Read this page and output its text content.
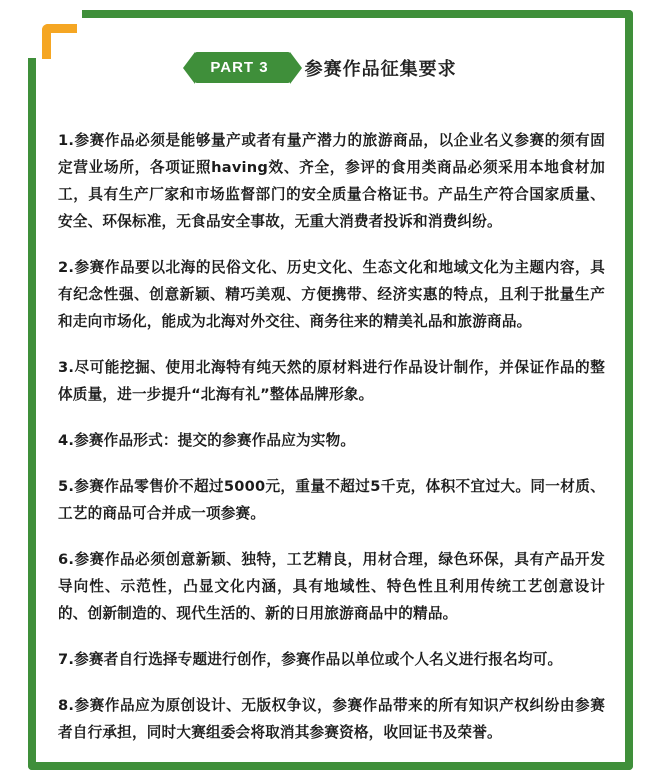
PART 3	参赛作品征集要求

1.参赛作品必须是能够量产或者有量产潜力的旅游商品，以企业名义参赛的须有固定营业场所，各项证照having效、齐全，参评的食用类商品必须采用本地食材加工，具有生产厂家和市场监督部门的安全质量合格证书。产品生产符合国家质量、安全、环保标准，无食品安全事故，无重大消费者投诉和消费纠纷。

2.参赛作品要以北海的民俗文化、历史文化、生态文化和地域文化为主题内容，具有纪念性强、创意新颖、精巧美观、方便携带、经济实惠的特点，且利于批量生产和走向市场化，能成为北海对外交往、商务往来的精美礼品和旅游商品。

3.尽可能挖掘、使用北海特有纯天然的原材料进行作品设计制作，并保证作品的整体质量，进一步提升“北海有礼”整体品牌形象。

4.参赛作品形式：提交的参赛作品应为实物。

5.参赛作品零售价不超过5000元，重量不超过5千克，体积不宜过大。同一材质、工艺的商品可合并成一项参赛。

6.参赛作品必须创意新颖、独特，工艺精良，用材合理，绿色环保，具有产品开发导向性、示范性，凸显文化内涵，具有地域性、特色性且利用传统工艺创意设计的、创新制造的、现代生活的、新的日用旅游商品中的精品。

7.参赛者自行选择专题进行创作，参赛作品以单位或个人名义进行报名均可。

8.参赛作品应为原创设计、无版权争议，参赛作品带来的所有知识产权纠纷由参赛者自行承担，同时大赛组委会将取消其参赛资格，收回证书及荣誉。
